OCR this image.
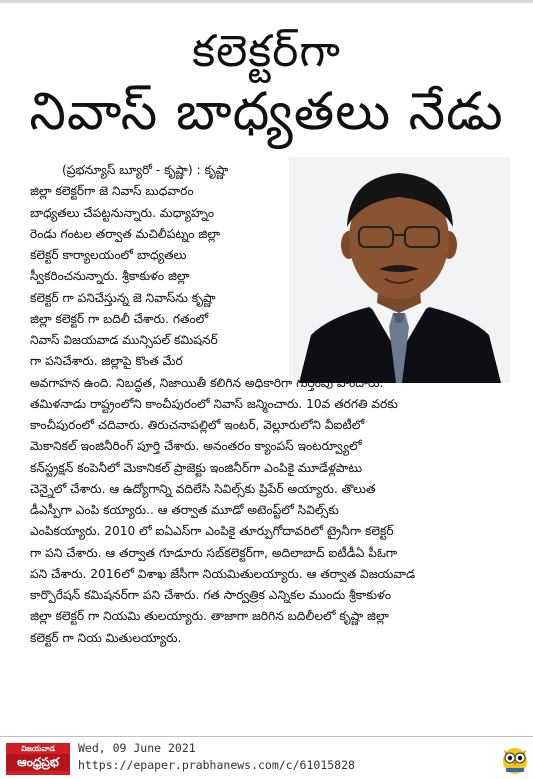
కలెక్టర్‌గా
నివాస్ బాధ్యతలు నేడు
(ప్రభన్యూస్ బ్యూరో - కృష్ణా) : కృష్ణా
జిల్లా కలెక్టర్‌గా జె నివాస్ బుధవారం
బాధ్యతలు చేపట్టనున్నారు. మధ్యాహ్నం
రెండు గంటల తర్వాత మచిలీపట్నం జిల్లా
కలెక్టర్ కార్యాలయంలో బాధ్యతలు
స్వీకరించనున్నారు. శ్రీకాకుళం జిల్లా
కలెక్టర్ గా పనిచేస్తున్న జె నివాస్‌ను కృష్ణా
జిల్లా కలెక్టర్ గా బదిలీ చేశారు. గతంలో
నివాస్ విజయవాడ మున్సిపల్ కమిషనర్
గా పనిచేశారు. జిల్లాపై కొంత మేర
అవగాహన ఉంది. నిబద్ధత, నిజాయితీ కలిగిన అధికారిగా గుర్తింపు పొందారు.
తమిళనాడు రాష్ట్రంలోని కాంచీపురంలో నివాస్ జన్మించారు. 10వ తరగతి వరకు
కాంచీపురంలో చదివారు. తిరుచనాపల్లిలో ఇంటర్, వెల్లూరులోని వీఐటీలో
మెకానికల్ ఇంజినీరింగ్ పూర్తి చేశారు. అనంతరం క్యాంపస్ ఇంటర్వ్యూలో
కన్‌స్ట్రక్షన్ కంపెనీలో మెకానికల్ ప్రాజెక్టు ఇంజినీర్‌గా ఎంపికై మూడేళ్లపాటు
చెన్నైలో చేశారు. ఆ ఉద్యోగాన్ని వదిలేసి సివిల్స్‌కు ప్రిపేర్ అయ్యారు. తొలుత
డీఎస్పీగా ఎంపి కయ్యారు.. ఆ తర్వాత మూడో అటెంప్ట్‌లో సివిల్స్‌కు
ఎంపికయ్యారు. 2010 లో ఐఏఎస్‌గా ఎంపికై తూర్పుగోదావరిలో ట్రైనీగా కలెక్టర్
గా పని చేశారు. ఆ తర్వాత గూడూరు సబ్‌కలెక్టర్‌గా, అదిలాబాద్ ఐటీడీఏ పీఓగా
పని చేశారు. 2016లో విశాఖ జేసీగా నియమితులయ్యారు. ఆ తర్వాత విజయవాడ
కార్పొరేషన్ కమిషనర్‌గా పని చేశారు. గత సార్వత్రిక ఎన్నికల ముందు శ్రీకాకుళం
జిల్లా కలెక్టర్ గా నియమి తులయ్యారు. తాజాగా జరిగిన బదిలీలలో కృష్ణా జిల్లా
కలెక్టర్ గా నియ మితులయ్యారు.
విజయవాడ
ఆంధ్రప్రభ
Wed, 09 June 2021
https://epaper.prabhanews.com/c/61015828
